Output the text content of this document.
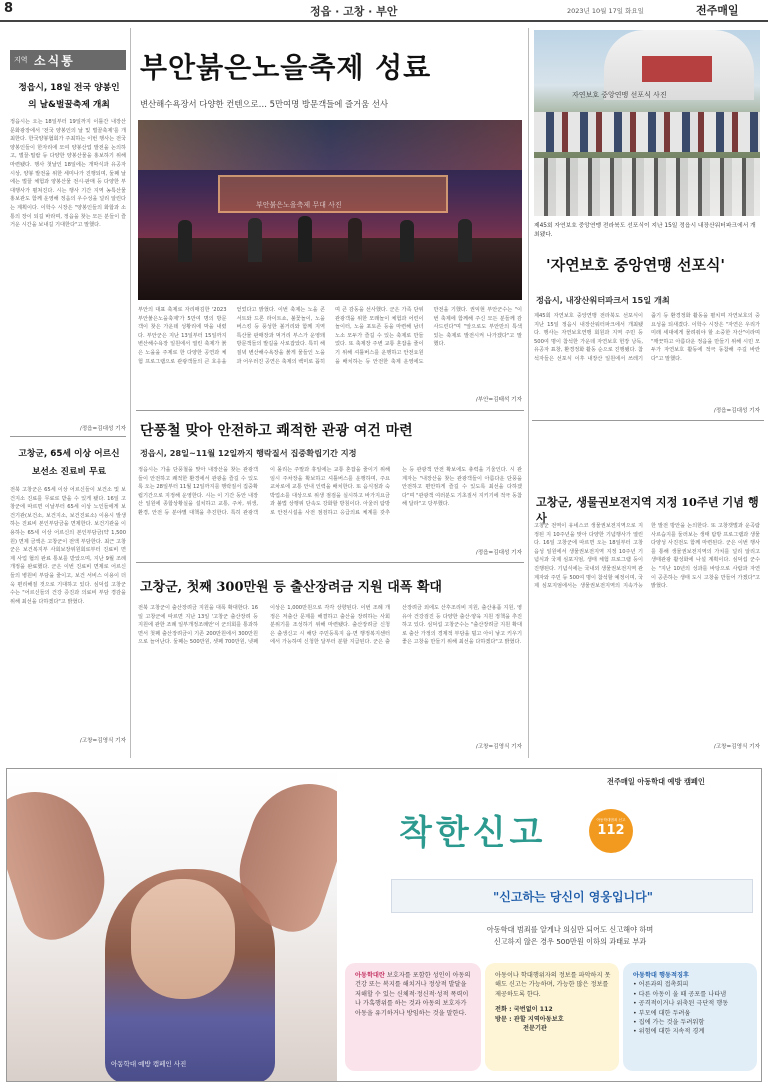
8	정읍 · 고창 · 부안	2023년 10월 17일 화요일	전주매일
지역 소식통
정읍시, 18일 전국 양봉인
의 날&벌꿀축제 개최
정읍시는 오는 18일부터 19일까지 이틀간 내장산문화광장에서 '전국 양봉인의 날 및 벌꿀축제'를 개최한다. 한국양봉협회가 주최하는 이번 행사는 전국 양봉인들이 한자리에 모여 양봉산업 발전을 논의하고, 벌꿀·밀랍 등 다양한 양봉산물을 홍보하기 위해 마련됐다. 행사 첫날인 18일에는 개막식과 유공자 시상, 양봉 발전을 위한 세미나가 진행되며, 둘째 날에는 벌꿀 체험과 양봉산물 전시·판매 등 다양한 부대행사가 펼쳐진다. 시는 행사 기간 지역 농특산물 홍보관도 함께 운영해 정읍의 우수성을 널리 알린다는 계획이다. 이학수 시장은 "양봉인들의 화합과 소통의 장이 되길 바라며, 정읍을 찾는 모든 분들이 즐거운 시간을 보내길 기대한다"고 말했다.
/정읍=김대성 기자
고창군, 65세 이상 어르신
보선소 진료비 무료
전북 고창군은 65세 이상 어르신들이 보건소 및 보건지소 진료를 무료로 받을 수 있게 됐다. 16일 고창군에 따르면 이날부터 65세 이상 노인들에게 보건기관(보건소, 보건지소, 보건진료소) 이용시 발생하는 진료비 본인부담금을 면제한다. 보건기관을 이용하는 65세 이상 어르신의 본인부담금(약 1,500원) 면제 금액은 고창군이 전액 부담한다. 최근 고창군은 보건복지부 사회보장위원회로부터 진료비 면제 사업 협의 완료 통보를 받았으며, 지난 9월 조례 개정을 완료했다. 군은 이번 진료비 면제로 어르신들의 병원비 부담을 줄이고, 보건 서비스 이용이 더욱 편리해질 것으로 기대하고 있다. 심덕섭 고창군수는 "어르신들의 건강 증진과 의료비 부담 경감을 위해 최선을 다하겠다"고 밝혔다.
/고창=김영식 기자
부안붉은노을축제 성료
변산해수욕장서 다양한 컨텐으로… 5만여명 방문객들에 즐거움 선사
부안붉은노을축제 무대 사진
부안의 대표 축제로 자리매김한 '2023 부안붉은노을축제'가 5만여 명의 방문객이 찾은 가운데 성황리에 막을 내렸다. 부안군은 지난 13일부터 15일까지 변산해수욕장 일원에서 열린 축제가 붉은 노을을 주제로 한 다양한 공연과 체험 프로그램으로 관광객들의 큰 호응을 얻었다고 밝혔다. 이번 축제는 노을 콘서트와 드론 라이트쇼, 불꽃놀이, 노을 버스킹 등 풍성한 볼거리와 함께 지역 특산물 판매장과 먹거리 부스가 운영돼 방문객들의 발길을 사로잡았다. 특히 해질녘 변산해수욕장을 붉게 물들인 노을과 어우러진 공연은 축제의 백미로 꼽히며 큰 감동을 선사했다. 군은 가족 단위 관광객을 위한 모래놀이 체험과 어린이 놀이터, 노을 포토존 등을 마련해 남녀노소 모두가 즐길 수 있는 축제로 만들었다. 또 축제장 주변 교통 혼잡을 줄이기 위해 셔틀버스를 운행하고 안전요원을 배치하는 등 안전한 축제 운영에도 만전을 기했다. 권익현 부안군수는 "이번 축제에 함께해 주신 모든 분들께 감사드린다"며 "앞으로도 부안만의 특색 있는 축제로 발전시켜 나가겠다"고 말했다.
/부안=김태석 기자
단풍철 맞아 안전하고 쾌적한 관광 여건 마련
정읍시, 28일~11월 12일까지 행락질서 집중확립기간 지정
정읍시는 가을 단풍철을 맞아 내장산을 찾는 관광객들이 안전하고 쾌적한 환경에서 관광을 즐길 수 있도록 오는 28일부터 11월 12일까지를 행락질서 집중확립기간으로 지정해 운영한다. 시는 이 기간 동안 내장산 일원에 종합상황실을 설치하고 교통, 주차, 위생, 환경, 안전 등 분야별 대책을 추진한다. 특히 관광객이 몰리는 주말과 휴일에는 교통 혼잡을 줄이기 위해 임시 주차장을 확보하고 셔틀버스를 운행하며, 주요 교차로에 교통 안내 인력을 배치한다. 또 음식점과 숙박업소를 대상으로 위생 점검을 실시하고 바가지요금과 불법 상행위 단속도 강화할 방침이다. 아울러 탐방로 안전시설을 사전 점검하고 응급의료 체계를 갖추는 등 관광객 안전 확보에도 총력을 기울인다. 시 관계자는 "내장산을 찾는 관광객들이 아름다운 단풍을 안전하고 편안하게 즐길 수 있도록 최선을 다하겠다"며 "관광객 여러분도 기초질서 지키기에 적극 동참해 달라"고 당부했다.
/정읍=김대성 기자
고창군, 첫째 300만원 등 출산장려금 지원 대폭 확대
전북 고창군이 출산장려금 지원을 대폭 확대한다. 16일 고창군에 따르면 지난 13일 '고창군 출산장려 등 지원에 관한 조례 일부개정조례안'이 군의회를 통과하면서 첫째 출산장려금이 기존 200만원에서 300만원으로 늘어난다. 둘째는 500만원, 셋째 700만원, 넷째 이상은 1,000만원으로 각각 상향된다. 이번 조례 개정은 저출산 문제를 해결하고 출산을 장려하는 사회 분위기를 조성하기 위해 마련됐다. 출산장려금 신청은 출생신고 시 해당 주민등록지 읍·면 행정복지센터에서 가능하며 신청한 달부터 분할 지급된다. 군은 출산장려금 외에도 산후조리비 지원, 출산용품 지원, 영유아 건강검진 등 다양한 출산·양육 지원 정책을 추진하고 있다. 심덕섭 고창군수는 "출산장려금 지원 확대로 출산 가정의 경제적 부담을 덜고 아이 낳고 키우기 좋은 고창을 만들기 위해 최선을 다하겠다"고 밝혔다.
/고창=김영식 기자
자연보호 중앙연맹 선포식 사진
제45회 자연보호 중앙연맹 전라북도 선포식이 지난 15일 정읍시 내장산워터파크에서 개최됐다.
'자연보호 중앙연맹 선포식'
정읍시, 내장산워터파크서 15일 개최
제45회 자연보호 중앙연맹 전라북도 선포식이 지난 15일 정읍시 내장산워터파크에서 개최됐다. 행사는 자연보호연맹 회원과 지역 주민 등 500여 명이 참석한 가운데 자연보호 헌장 낭독, 유공자 표창, 환경정화 활동 순으로 진행됐다. 참석자들은 선포식 이후 내장산 일원에서 쓰레기 줍기 등 환경정화 활동을 펼치며 자연보호의 중요성을 되새겼다. 이학수 시장은 "자연은 우리가 미래 세대에게 물려줘야 할 소중한 자산"이라며 "깨끗하고 아름다운 정읍을 만들기 위해 시민 모두가 자연보호 활동에 적극 동참해 주길 바란다"고 말했다.
/정읍=김대성 기자
고창군, 생물권보전지역 지정 10주년 기념 행사
고창군 전역이 유네스코 생물권보전지역으로 지정된 지 10주년을 맞아 다양한 기념행사가 열린다. 16일 고창군에 따르면 오는 18일부터 고창읍성 일원에서 생물권보전지역 지정 10주년 기념식과 국제 심포지엄, 생태 체험 프로그램 등이 진행된다. 기념식에는 국내외 생물권보전지역 관계자와 주민 등 500여 명이 참석할 예정이며, 국제 심포지엄에서는 생물권보전지역의 지속가능한 발전 방안을 논의한다. 또 고창갯벌과 운곡람사르습지를 둘러보는 생태 탐방 프로그램과 생물다양성 사진전도 함께 마련된다. 군은 이번 행사를 통해 생물권보전지역의 가치를 널리 알리고 생태관광 활성화에 나설 계획이다. 심덕섭 군수는 "지난 10년의 성과를 바탕으로 사람과 자연이 공존하는 생태 도시 고창을 만들어 가겠다"고 밝혔다.
/고창=김영식 기자
아동학대 예방 캠페인 사진
전주매일 아동학대 예방 캠페인
착한신고	아동학대범죄 신고
112
"신고하는 당신이 영웅입니다"
아동학대 범죄를 알게나 의심만 되어도 신고해야 하며
신고하지 않은 경우 500만원 이하의 과태료 부과
아동학대란 보호자를 포함한 성인이 아동의 건강 또는 복지를 해치거나 정상적 발달을 저해할 수 있는 신체적·정신적·성적 폭력이나 가혹행위를 하는 것과 아동의 보호자가 아동을 유기하거나 방임하는 것을 말한다.
아동이나 학대행위자의 정보를 파악하지 못해도 신고는 가능하며, 가능한 많은 정보를 제공하도록 한다.
전화 : 국번없이 112
방문 : 관할 지역아동보호
전문기관
아동학대 행동적징후
• 어른과의 접촉회피
• 다른 아동이 울 때 공포를 나타냄
• 공격적이거나 위축된 극단적 행동
• 부모에 대한 두려움
• 집에 가는 것을 두려워함
• 위험에 대한 지속적 경계
